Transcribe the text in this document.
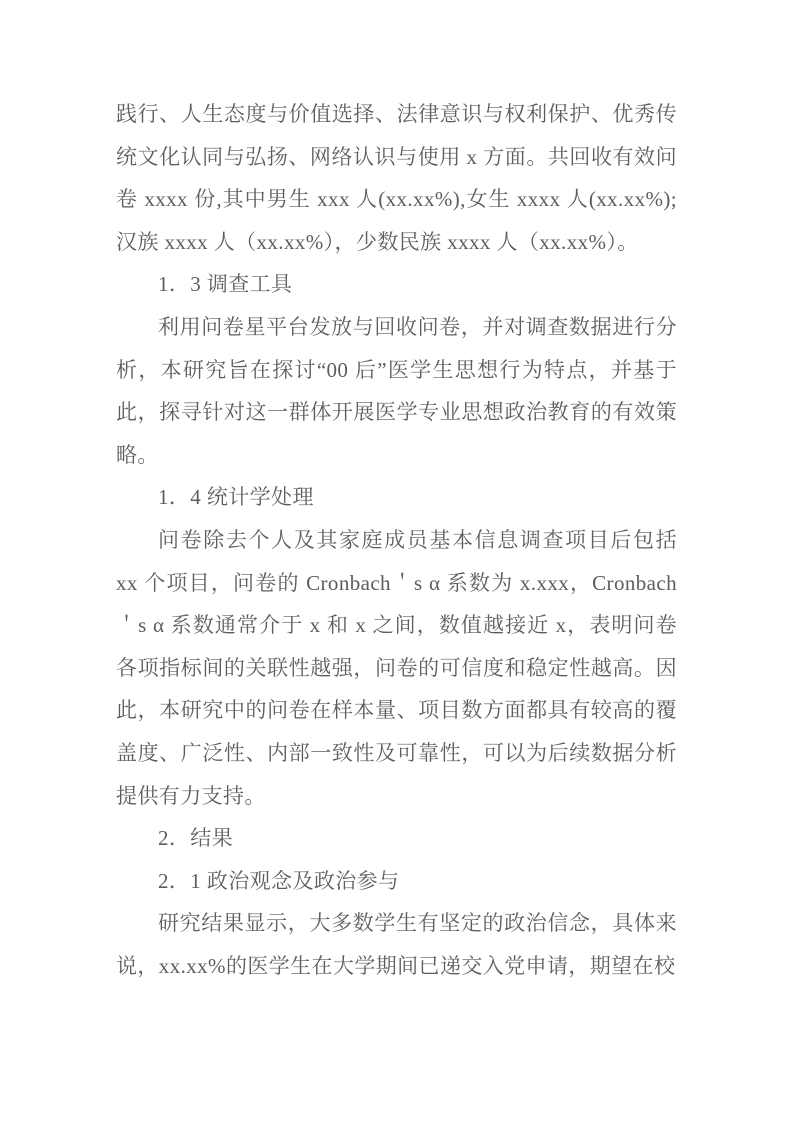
践行、人生态度与价值选择、法律意识与权利保护、优秀传统文化认同与弘扬、网络认识与使用 x 方面。共回收有效问卷 xxxx 份,其中男生 xxx 人(xx.xx%),女生 xxxx 人(xx.xx%);汉族 xxxx 人（xx.xx%），少数民族 xxxx 人（xx.xx%）。

1．3 调查工具

利用问卷星平台发放与回收问卷，并对调查数据进行分析，本研究旨在探讨“00 后”医学生思想行为特点，并基于此，探寻针对这一群体开展医学专业思想政治教育的有效策略。

1．4 统计学处理

问卷除去个人及其家庭成员基本信息调查项目后包括 xx 个项目，问卷的 Cronbach＇s α 系数为 x.xxx，Cronbach＇s α 系数通常介于 x 和 x 之间，数值越接近 x，表明问卷各项指标间的关联性越强，问卷的可信度和稳定性越高。因此，本研究中的问卷在样本量、项目数方面都具有较高的覆盖度、广泛性、内部一致性及可靠性，可以为后续数据分析提供有力支持。

2．结果

2．1 政治观念及政治参与

研究结果显示，大多数学生有坚定的政治信念，具体来说，xx.xx%的医学生在大学期间已递交入党申请，期望在校
